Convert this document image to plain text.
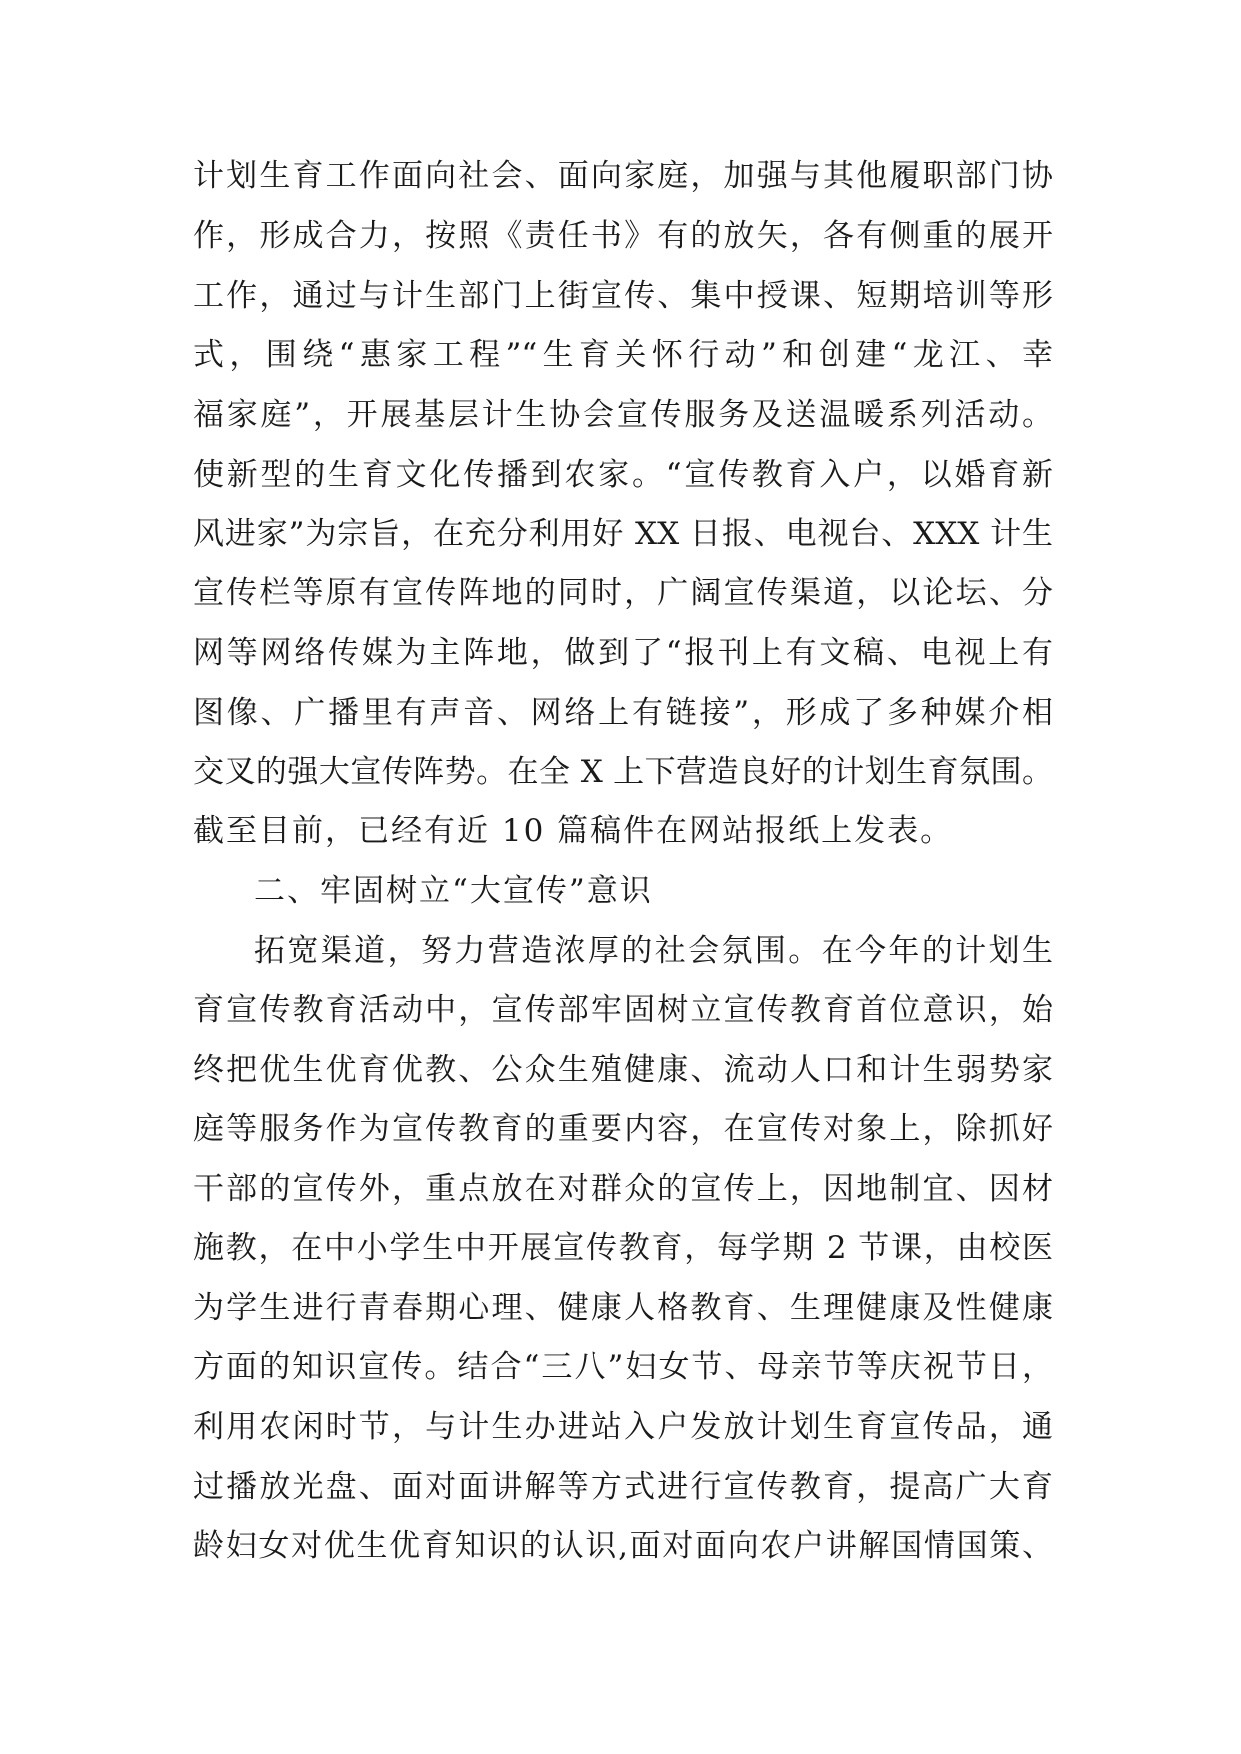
计划生育工作面向社会、面向家庭，加强与其他履职部门协
作，形成合力，按照《责任书》有的放矢，各有侧重的展开
工作，通过与计生部门上街宣传、集中授课、短期培训等形
式，围绕“惠家工程”“生育关怀行动”和创建“龙江、幸
福家庭”，开展基层计生协会宣传服务及送温暖系列活动。
使新型的生育文化传播到农家。“宣传教育入户，以婚育新
风进家”为宗旨，在充分利用好 XX 日报、电视台、XXX 计生
宣传栏等原有宣传阵地的同时，广阔宣传渠道，以论坛、分
网等网络传媒为主阵地，做到了“报刊上有文稿、电视上有
图像、广播里有声音、网络上有链接”，形成了多种媒介相
交叉的强大宣传阵势。在全 X 上下营造良好的计划生育氛围。
截至目前，已经有近 10 篇稿件在网站报纸上发表。
二、牢固树立“大宣传”意识
拓宽渠道，努力营造浓厚的社会氛围。在今年的计划生
育宣传教育活动中，宣传部牢固树立宣传教育首位意识，始
终把优生优育优教、公众生殖健康、流动人口和计生弱势家
庭等服务作为宣传教育的重要内容，在宣传对象上，除抓好
干部的宣传外，重点放在对群众的宣传上，因地制宜、因材
施教，在中小学生中开展宣传教育，每学期 2 节课，由校医
为学生进行青春期心理、健康人格教育、生理健康及性健康
方面的知识宣传。结合“三八”妇女节、母亲节等庆祝节日，
利用农闲时节，与计生办进站入户发放计划生育宣传品，通
过播放光盘、面对面讲解等方式进行宣传教育，提高广大育
龄妇女对优生优育知识的认识,面对面向农户讲解国情国策、
